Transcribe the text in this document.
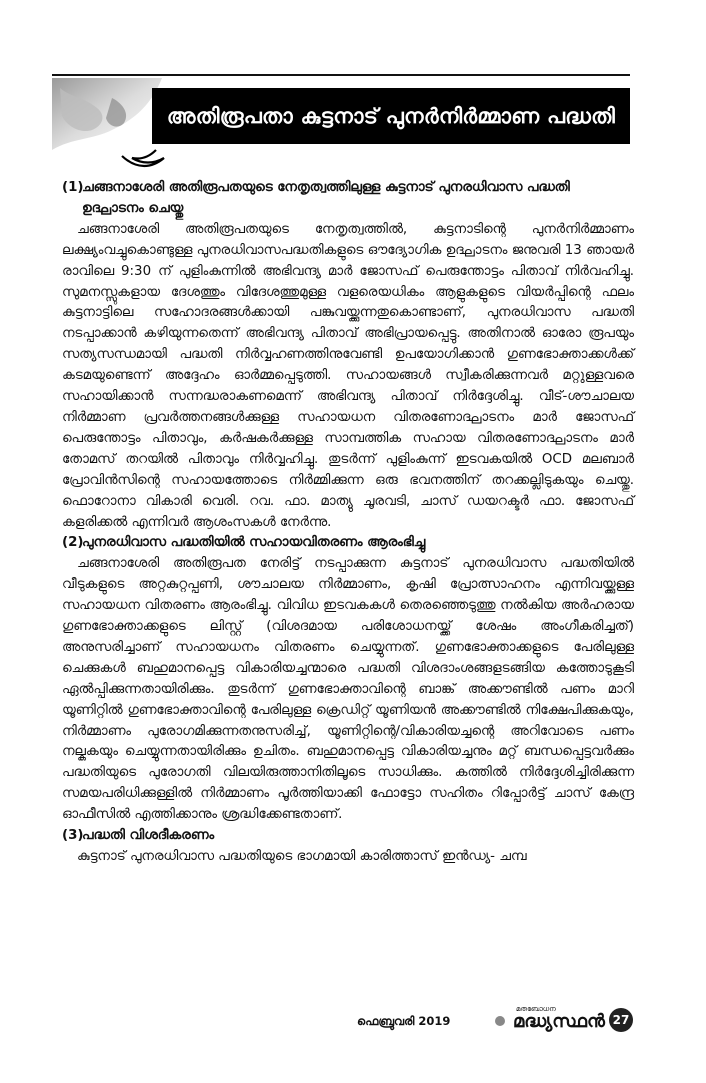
അതിരൂപതാ കുട്ടനാട് പുനർനിർമ്മാണ പദ്ധതി
(1)
ചങ്ങനാശേരി അതിരൂപതയുടെ നേതൃത്വത്തിലുള്ള കുട്ടനാട് പുനരധിവാസ പദ്ധതി ഉദ്ഘാടനം ചെയ്തു

ചങ്ങനാശേരി അതിരൂപതയുടെ നേതൃത്വത്തിൽ, കുട്ടനാടിന്റെ പുനർനിർമ്മാണം ലക്ഷ്യംവച്ചുകൊണ്ടുള്ള പുനരധിവാസപദ്ധതികളുടെ ഔദ്യോഗിക ഉദ്ഘാടനം ജനുവരി 13 ഞായർ രാവിലെ 9:30 ന് പുളിംകുന്നിൽ അഭിവന്ദ്യ മാർ ജോസഫ് പെരുന്തോട്ടം പിതാവ് നിർവഹിച്ചു. സുമനസ്സുകളായ ദേശത്തും വിദേശത്തുമുള്ള വളരെയധികം ആളുകളുടെ വിയർപ്പിന്റെ ഫലം കുട്ടനാട്ടിലെ സഹോദരങ്ങൾക്കായി പങ്കുവയ്ക്കുന്നതുകൊണ്ടാണ്, പുനരധിവാസ പദ്ധതി നടപ്പാക്കാൻ കഴിയുന്നതെന്ന് അഭിവന്ദ്യ പിതാവ് അഭിപ്രായപ്പെട്ടു. അതിനാൽ ഓരോ രൂപയും സത്യസന്ധമായി പദ്ധതി നിർവ്വഹണത്തിനുവേണ്ടി ഉപയോഗിക്കാൻ ഗുണഭോക്താക്കൾക്ക് കടമയുണ്ടെന്ന് അദ്ദേഹം ഓർമ്മപ്പെടുത്തി. സഹായങ്ങൾ സ്വീകരിക്കുന്നവർ മറ്റുള്ളവരെ സഹായിക്കാൻ സന്നദ്ധരാകണമെന്ന് അഭിവന്ദ്യ പിതാവ് നിർദ്ദേശിച്ചു. വീട്-ശൗചാലയ നിർമ്മാണ പ്രവർത്തനങ്ങൾക്കുള്ള സഹായധന വിതരണോദ്ഘാടനം മാർ ജോസഫ് പെരുന്തോട്ടം പിതാവും, കർഷകർക്കുള്ള സാമ്പത്തിക സഹായ വിതരണോദ്ഘാടനം മാർ തോമസ് തറയിൽ പിതാവും നിർവ്വഹിച്ചു. തുടർന്ന് പുളിംകുന്ന് ഇടവകയിൽ OCD മലബാർ പ്രോവിൻസിന്റെ സഹായത്തോടെ നിർമ്മിക്കുന്ന ഒരു ഭവനത്തിന് തറക്കല്ലിടുകയും ചെയ്തു. ഫൊറോനാ വികാരി വെരി. റവ. ഫാ. മാത്യു ചൂരവടി, ചാസ് ഡയറക്ടർ ഫാ. ജോസഫ് കളരിക്കൽ എന്നിവർ ആശംസകൾ നേർന്നു.

(2)
പുനരധിവാസ പദ്ധതിയിൽ സഹായവിതരണം ആരംഭിച്ചു

ചങ്ങനാശേരി അതിരൂപത നേരിട്ട് നടപ്പാക്കുന്ന കുട്ടനാട് പുനരധിവാസ പദ്ധതിയിൽ വീടുകളുടെ അറ്റകുറ്റപ്പണി, ശൗചാലയ നിർമ്മാണം, കൃഷി പ്രോത്സാഹനം എന്നിവയ്ക്കുള്ള സഹായധന വിതരണം ആരംഭിച്ചു. വിവിധ ഇടവകകൾ തെരഞ്ഞെടുത്തു നൽകിയ അർഹരായ ഗുണഭോക്താക്കളുടെ ലിസ്റ്റ് (വിശദമായ പരിശോധനയ്ക്ക് ശേഷം അംഗീകരിച്ചത്) അനുസരിച്ചാണ് സഹായധനം വിതരണം ചെയ്യുന്നത്. ഗുണഭോക്താക്കളുടെ പേരിലുള്ള ചെക്കുകൾ ബഹുമാനപ്പെട്ട വികാരിയച്ചന്മാരെ പദ്ധതി വിശദാംശങ്ങളടങ്ങിയ കത്തോടുകൂടി ഏൽപ്പിക്കുന്നതായിരിക്കും. തുടർന്ന് ഗുണഭോക്താവിന്റെ ബാങ്ക് അക്കൗണ്ടിൽ പണം മാറി യൂണിറ്റിൽ ഗുണഭോക്താവിന്റെ പേരിലുള്ള ക്രെഡിറ്റ് യൂണിയൻ അക്കൗണ്ടിൽ നിക്ഷേപിക്കുകയും, നിർമ്മാണം പുരോഗമിക്കുന്നതനുസരിച്ച്, യൂണിറ്റിന്റെ/വികാരിയച്ചന്റെ അറിവോടെ പണം നല്കുകയും ചെയ്യുന്നതായിരിക്കും ഉചിതം. ബഹുമാനപ്പെട്ട വികാരിയച്ചനും മറ്റ് ബന്ധപ്പെട്ടവർക്കും പദ്ധതിയുടെ പുരോഗതി വിലയിരുത്താനിതിലൂടെ സാധിക്കും. കത്തിൽ നിർദ്ദേശിച്ചിരിക്കുന്ന സമയപരിധിക്കുള്ളിൽ നിർമ്മാണം പൂർത്തിയാക്കി ഫോട്ടോ സഹിതം റിപ്പോർട്ട് ചാസ് കേന്ദ്ര ഓഫീസിൽ എത്തിക്കാനും ശ്രദ്ധിക്കേണ്ടതാണ്.

(3)
പദ്ധതി വിശദീകരണം

കുട്ടനാട് പുനരധിവാസ പദ്ധതിയുടെ ഭാഗമായി കാരിത്താസ് ഇൻഡ്യ- ചമ്പ

ഫെബ്രുവരി 2019
മതബോധന
മദ്ധ്യസ്ഥൻ 27
